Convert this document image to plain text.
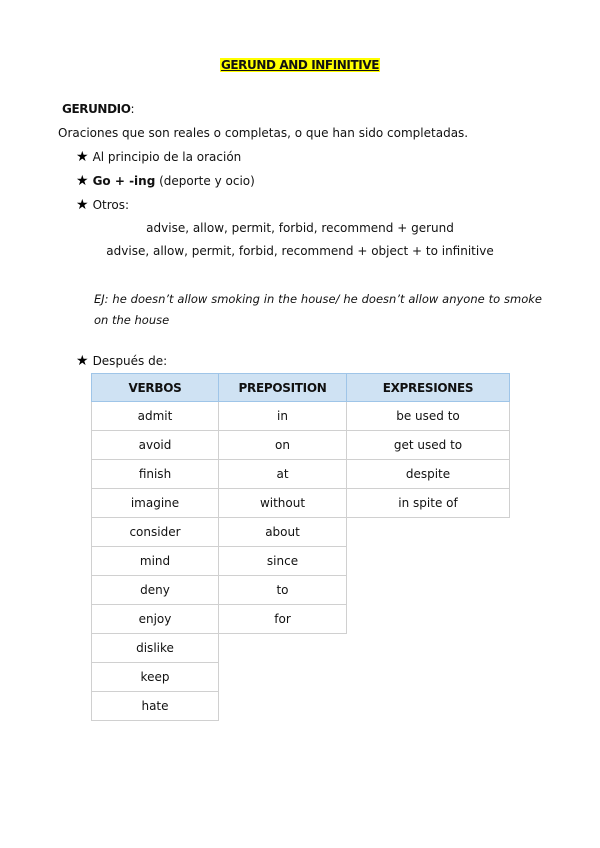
GERUND AND INFINITIVE
GERUNDIO:
Oraciones que son reales o completas, o que han sido completadas.
★ Al principio de la oración
★ Go + -ing (deporte y ocio)
★ Otros:
advise, allow, permit, forbid, recommend + gerund
advise, allow, permit, forbid, recommend + object + to infinitive
EJ: he doesn’t allow smoking in the house/ he doesn’t allow anyone to smoke on the house
★ Después de:
VERBOS	PREPOSITION	EXPRESIONES
admit	in	be used to
avoid	on	get used to
finish	at	despite
imagine	without	in spite of
consider	about	
mind	since	
deny	to	
enjoy	for	
dislike		
keep		
hate		
